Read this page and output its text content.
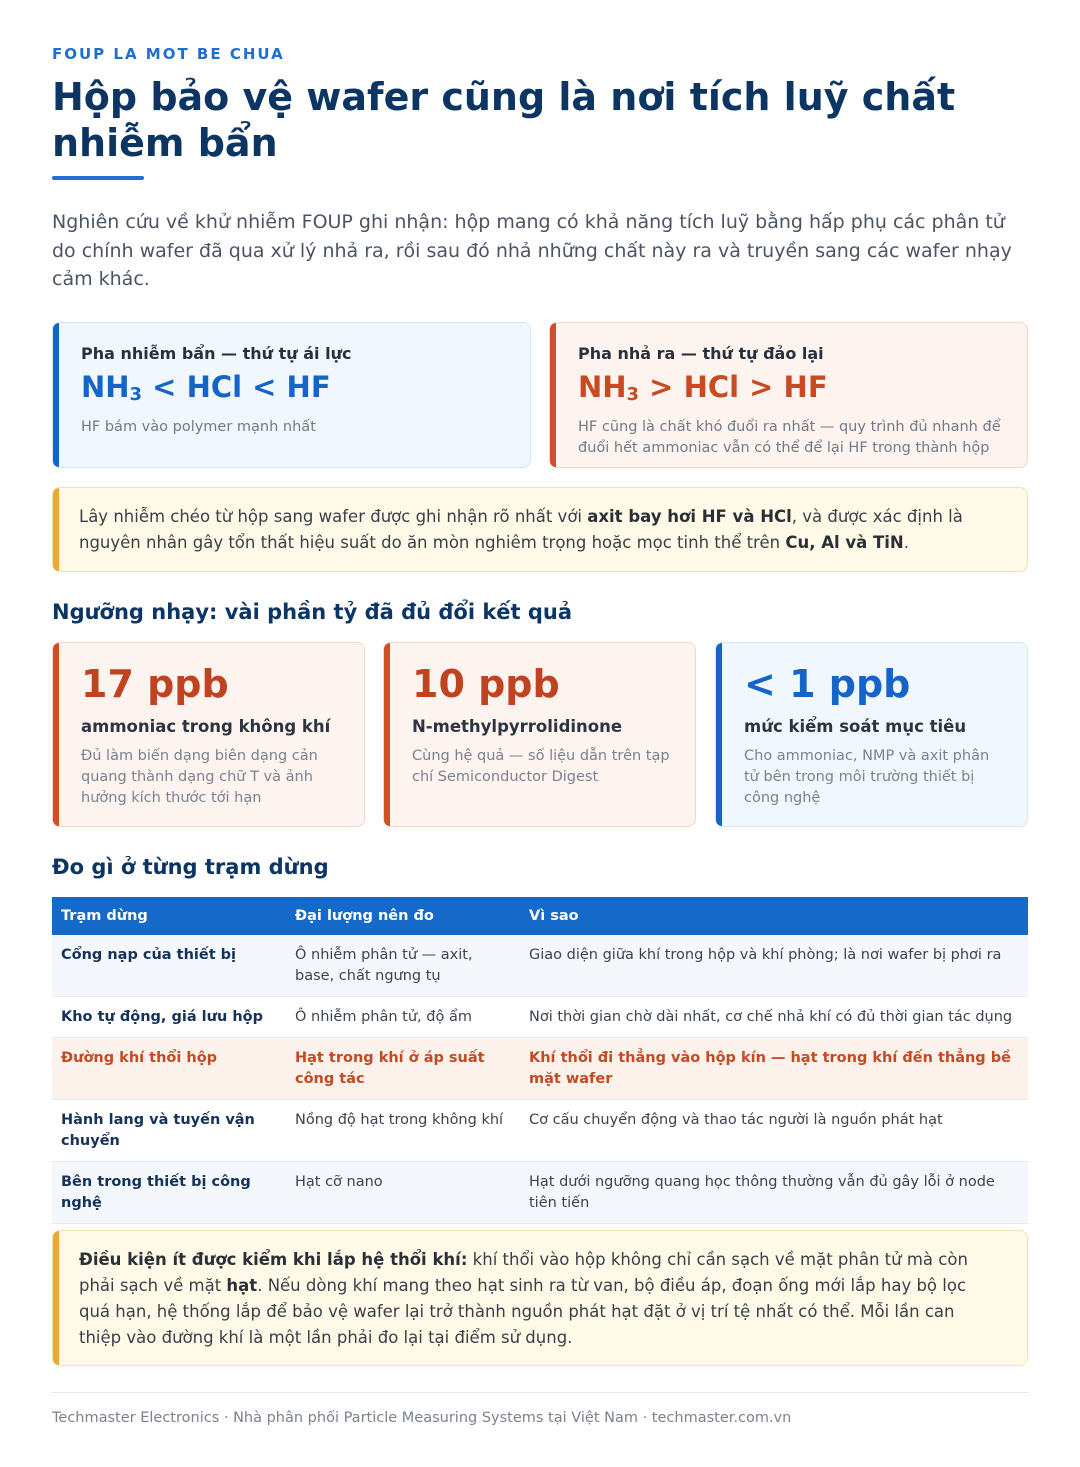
FOUP LA MOT BE CHUA
Hộp bảo vệ wafer cũng là nơi tích luỹ chất nhiễm bẩn

Nghiên cứu về khử nhiễm FOUP ghi nhận: hộp mang có khả năng tích luỹ bằng hấp phụ các phân tử do chính wafer đã qua xử lý nhả ra, rồi sau đó nhả những chất này ra và truyền sang các wafer nhạy cảm khác.

Pha nhiễm bẩn — thứ tự ái lực
$NH_3$ < HCl < HF
HF bám vào polymer mạnh nhất
Pha nhả ra — thứ tự đảo lại
$NH_3$ > HCl > HF
HF cũng là chất khó đuổi ra nhất — quy trình đủ nhanh để đuổi hết ammoniac vẫn có thể để lại HF trong thành hộp
Lây nhiễm chéo từ hộp sang wafer được ghi nhận rõ nhất với axit bay hơi HF và HCl, và được xác định là nguyên nhân gây tổn thất hiệu suất do ăn mòn nghiêm trọng hoặc mọc tinh thể trên Cu, Al và TiN.
Ngưỡng nhạy: vài phần tỷ đã đủ đổi kết quả
17 ppb
ammoniac trong không khí
Đủ làm biến dạng biên dạng cản quang thành dạng chữ T và ảnh hưởng kích thước tới hạn
10 ppb
N-methylpyrrolidinone
Cùng hệ quả — số liệu dẫn trên tạp chí Semiconductor Digest
< 1 ppb
mức kiểm soát mục tiêu
Cho ammoniac, NMP và axit phân tử bên trong môi trường thiết bị công nghệ
Đo gì ở từng trạm dừng
Trạm dừng	Đại lượng nên đo	Vì sao
Cổng nạp của thiết bị	Ô nhiễm phân tử — axit, base, chất ngưng tụ	Giao diện giữa khí trong hộp và khí phòng; là nơi wafer bị phơi ra
Kho tự động, giá lưu hộp	Ô nhiễm phân tử, độ ẩm	Nơi thời gian chờ dài nhất, cơ chế nhả khí có đủ thời gian tác dụng
Đường khí thổi hộp	Hạt trong khí ở áp suất công tác	Khí thổi đi thẳng vào hộp kín — hạt trong khí đến thẳng bề mặt wafer
Hành lang và tuyến vận chuyển	Nồng độ hạt trong không khí	Cơ cấu chuyển động và thao tác người là nguồn phát hạt
Bên trong thiết bị công nghệ	Hạt cỡ nano	Hạt dưới ngưỡng quang học thông thường vẫn đủ gây lỗi ở node tiên tiến
Điều kiện ít được kiểm khi lắp hệ thổi khí: khí thổi vào hộp không chỉ cần sạch về mặt phân tử mà còn phải sạch về mặt hạt. Nếu dòng khí mang theo hạt sinh ra từ van, bộ điều áp, đoạn ống mới lắp hay bộ lọc quá hạn, hệ thống lắp để bảo vệ wafer lại trở thành nguồn phát hạt đặt ở vị trí tệ nhất có thể. Mỗi lần can thiệp vào đường khí là một lần phải đo lại tại điểm sử dụng.
Techmaster Electronics · Nhà phân phối Particle Measuring Systems tại Việt Nam · techmaster.com.vn
